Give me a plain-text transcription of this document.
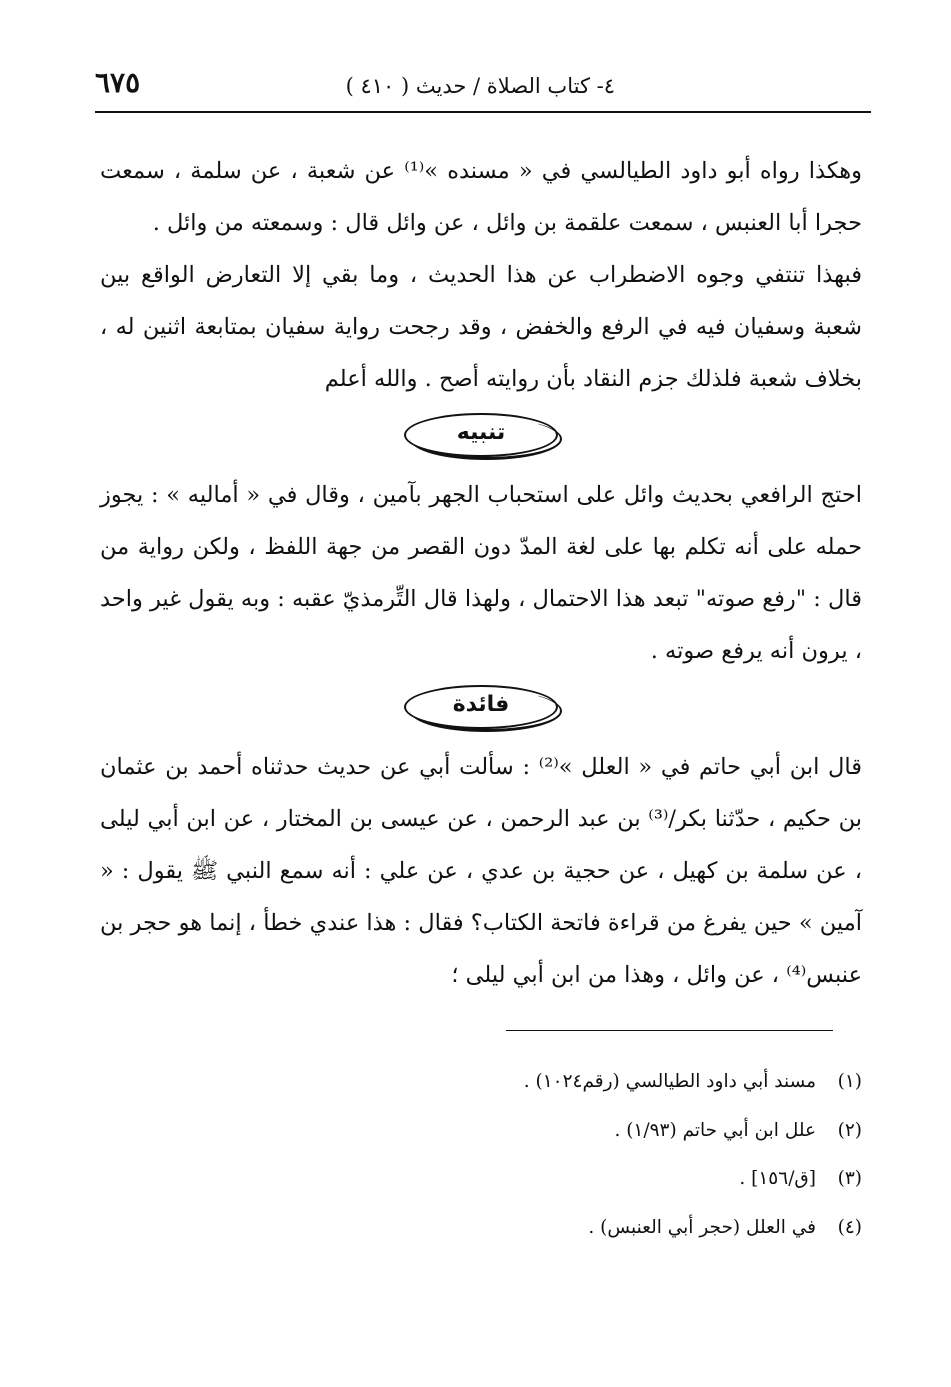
٤- كتاب الصلاة / حديث ( ٤١٠ )
٦٧٥

وهكذا رواه أبو داود الطيالسي في « مسنده »⁽¹⁾ عن شعبة ، عن سلمة ، سمعت حجرا أبا العنبس ، سمعت علقمة بن وائل ، عن وائل قال : وسمعته من وائل .

فبهذا تنتفي وجوه الاضطراب عن هذا الحديث ، وما بقي إلا التعارض الواقع بين شعبة وسفيان فيه في الرفع والخفض ، وقد رجحت رواية سفيان بمتابعة اثنين له ، بخلاف شعبة فلذلك جزم النقاد بأن روايته أصح . والله أعلم

تنبيه

احتج الرافعي بحديث وائل على استحباب الجهر بآمين ، وقال في « أماليه » : يجوز حمله على أنه تكلم بها على لغة المدّ دون القصر من جهة اللفظ ، ولكن رواية من قال : "رفع صوته" تبعد هذا الاحتمال ، ولهذا قال التِّرمذيّ عقبه : وبه يقول غير واحد ، يرون أنه يرفع صوته .

فائدة

قال ابن أبي حاتم في « العلل »⁽²⁾ : سألت أبي عن حديث حدثناه أحمد بن عثمان بن حكيم ، حدّثنا بكر/⁽³⁾ بن عبد الرحمن ، عن عيسى بن المختار ، عن ابن أبي ليلى ، عن سلمة بن كهيل ، عن حجية بن عدي ، عن علي : أنه سمع النبي ﷺ يقول : « آمين » حين يفرغ من قراءة فاتحة الكتاب؟ فقال : هذا عندي خطأ ، إنما هو حجر بن عنبس⁽⁴⁾ ، عن وائل ، وهذا من ابن أبي ليلى ؛

(١)مسند أبي داود الطيالسي (رقم١٠٢٤) .

(٢)علل ابن أبي حاتم (١/٩٣) .

(٣)[ق/١٥٦] .

(٤)في العلل (حجر أبي العنبس) .
